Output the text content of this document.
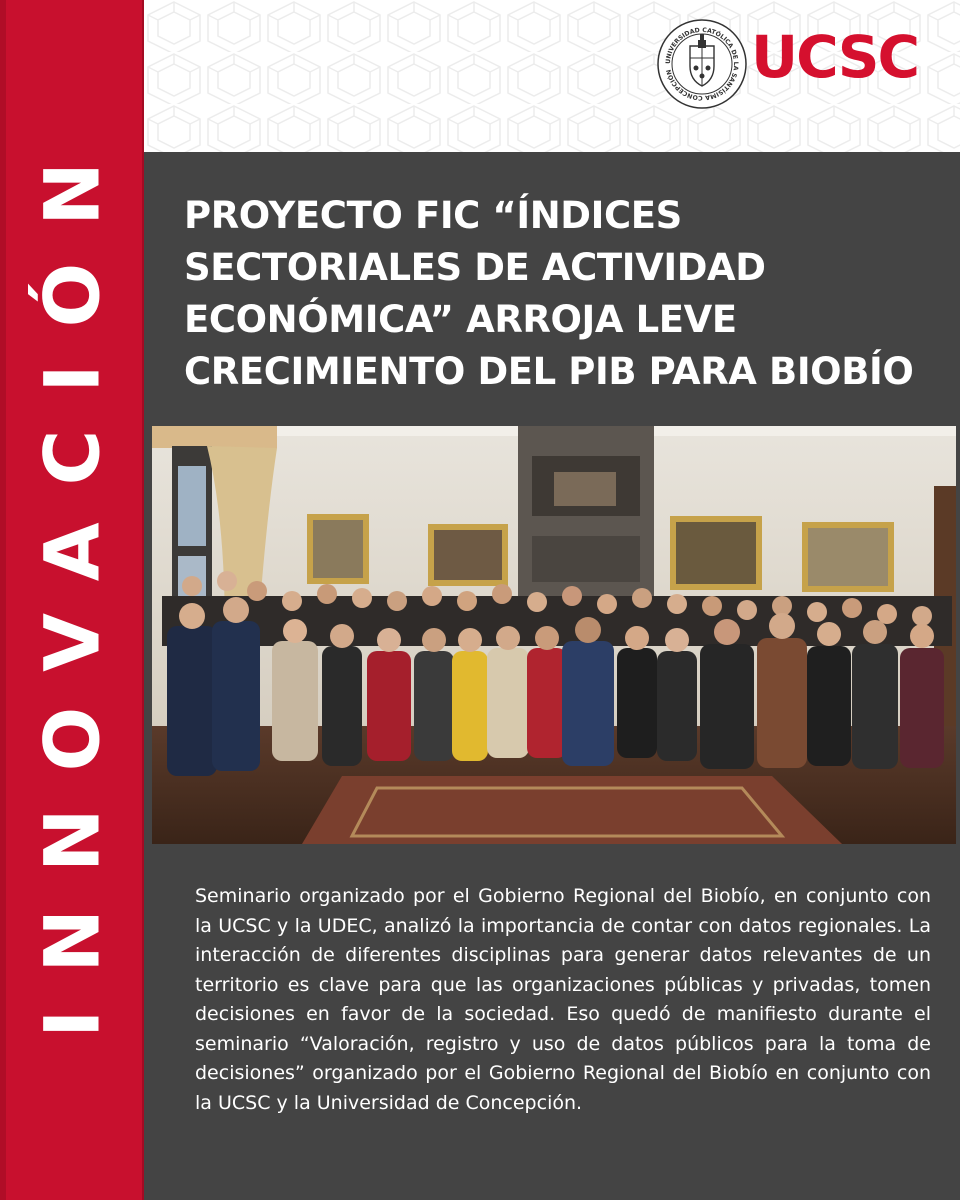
INNOVACIÓN
UNIVERSIDAD CATÓLICA DE LA SANTÍSIMA CONCEPCIÓN	UCSC
PROYECTO FIC “ÍNDICES
SECTORIALES DE ACTIVIDAD
ECONÓMICA” ARROJA LEVE
CRECIMIENTO DEL PIB PARA BIOBÍO

Seminario organizado por el Gobierno Regional del Biobío, en conjunto con la UCSC y la UDEC, analizó la importancia de contar con datos regionales. La interacción de diferentes disciplinas para generar datos relevantes de un territorio es clave para que las organizaciones públicas y privadas, tomen decisiones en favor de la sociedad. Eso quedó de manifiesto durante el seminario “Valoración, registro y uso de datos públicos para la toma de decisiones” organizado por el Gobierno Regional del Biobío en conjunto con la UCSC y la Universidad de Concepción.
